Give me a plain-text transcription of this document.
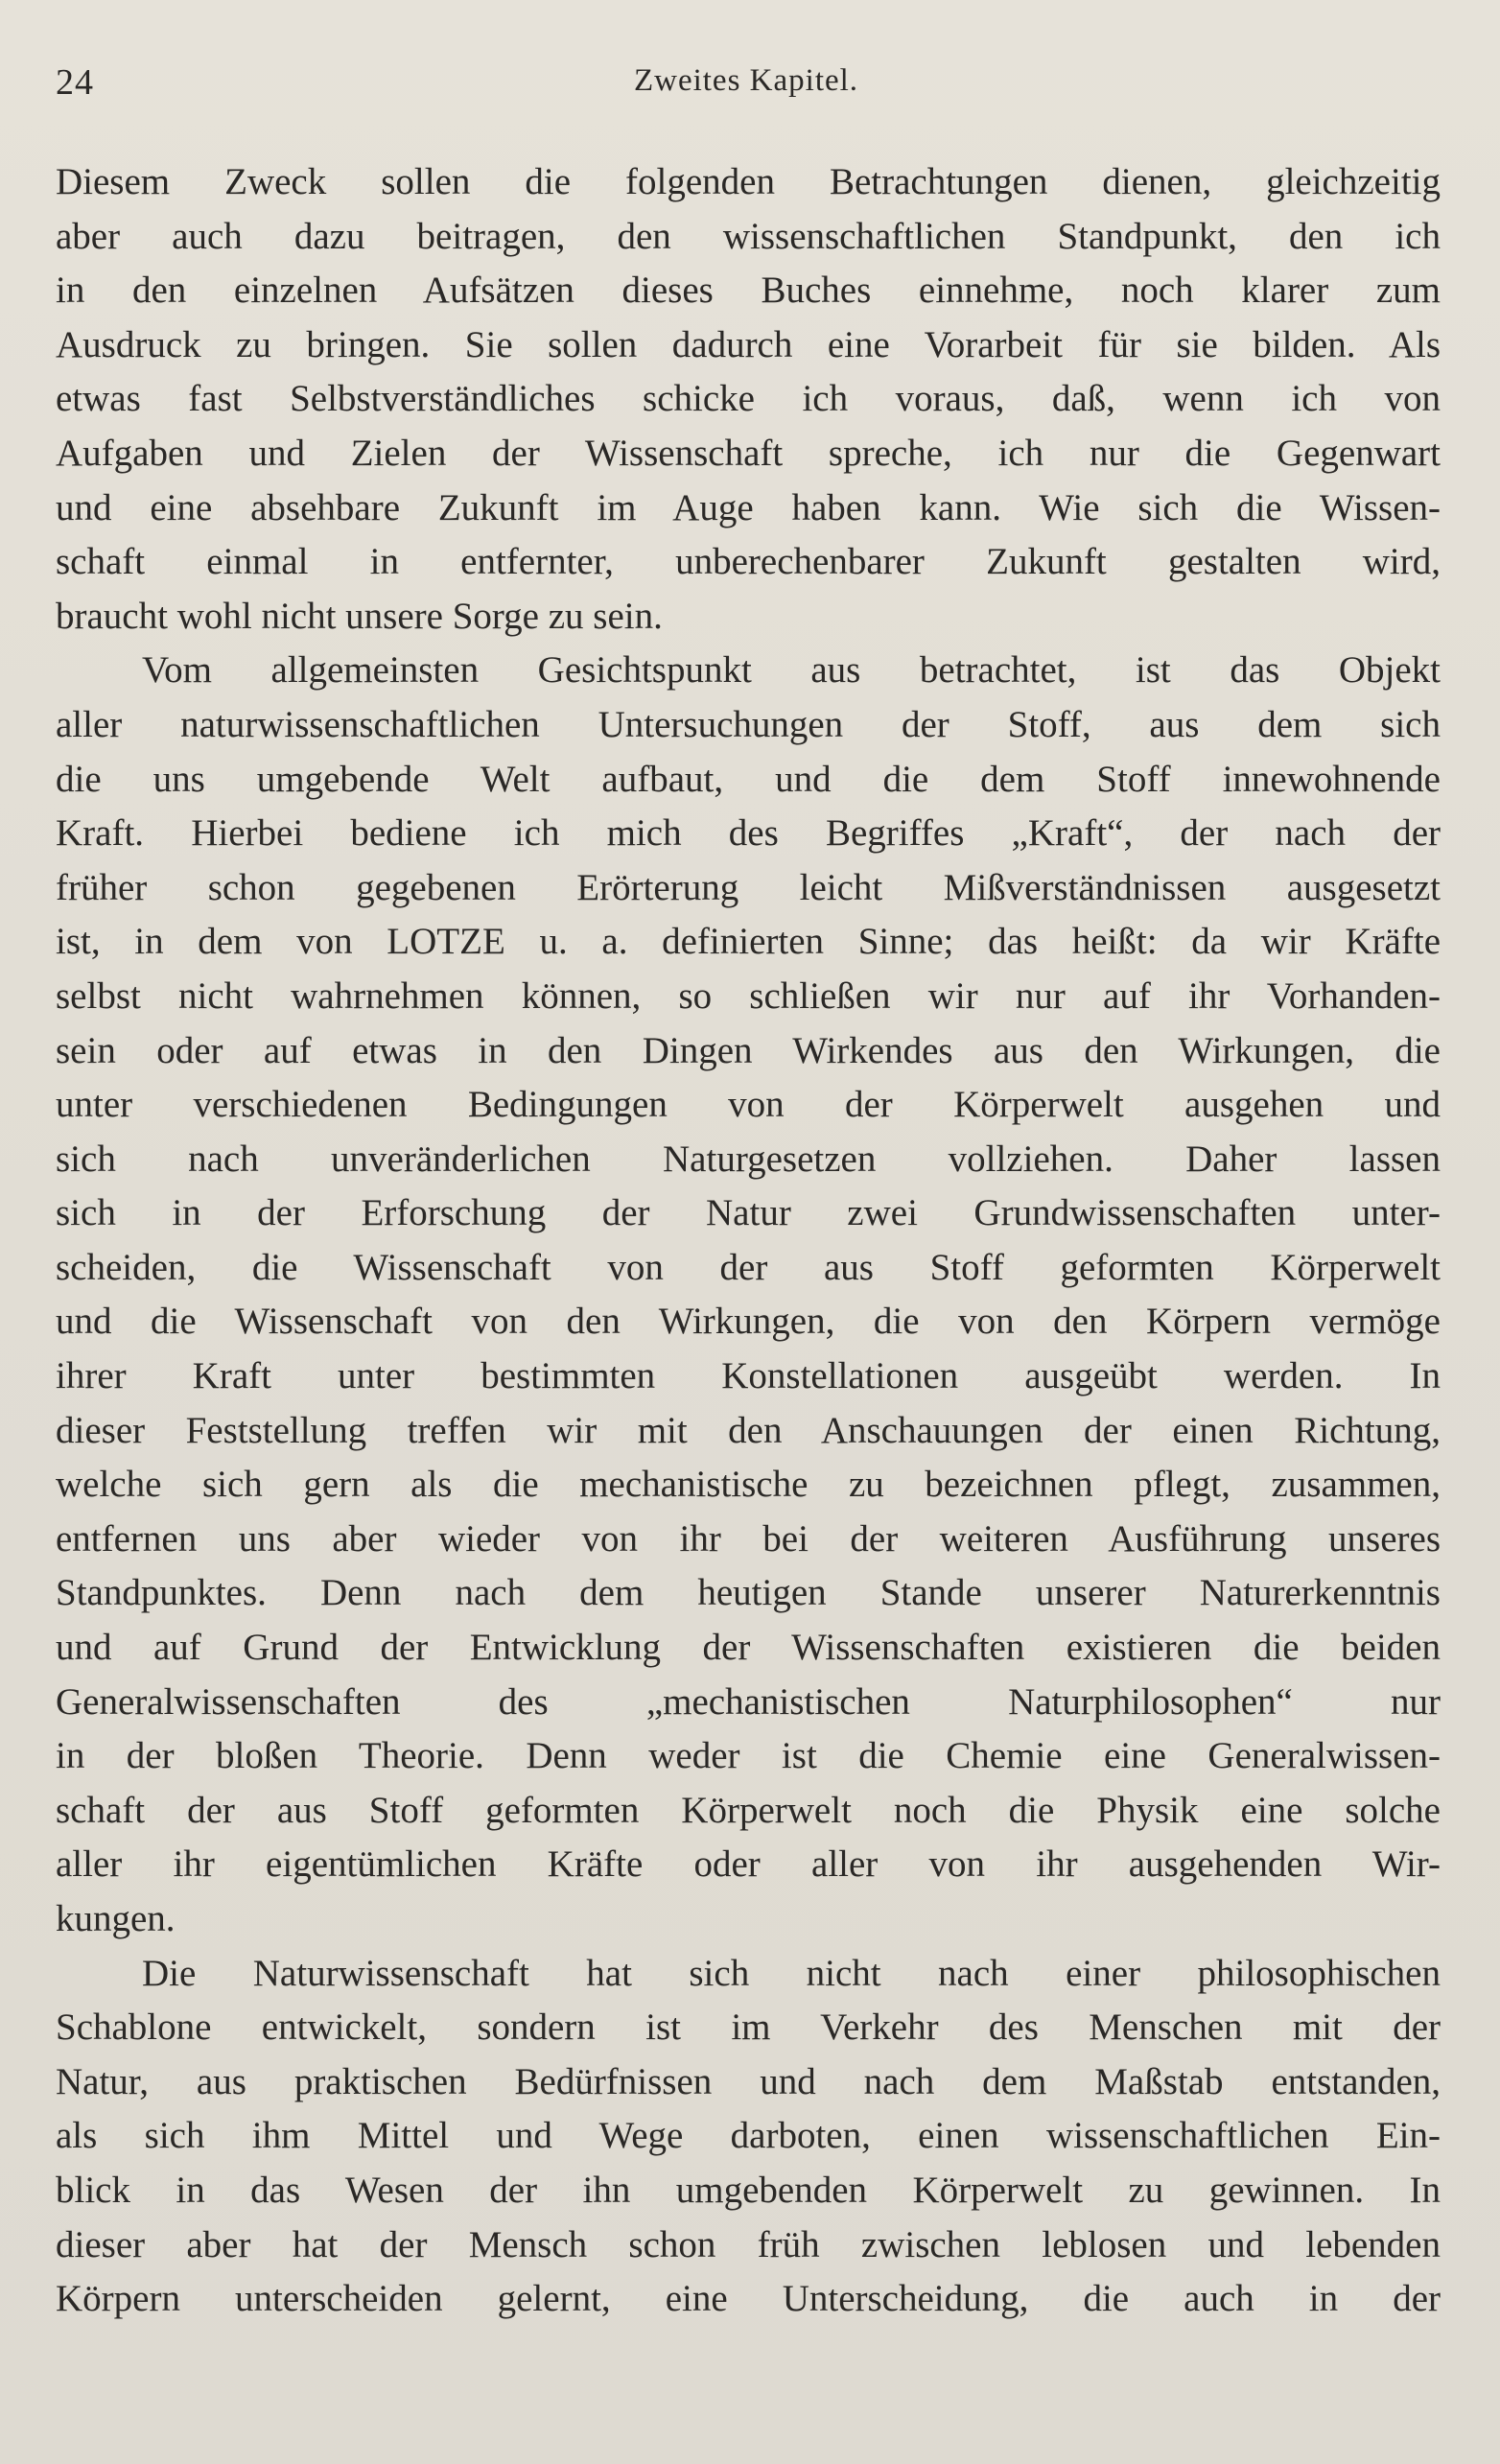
24	Zweites Kapitel.
Diesem Zweck sollen die folgenden Betrachtungen dienen, gleichzeitig
aber auch dazu beitragen, den wissenschaftlichen Standpunkt, den ich
in den einzelnen Aufsätzen dieses Buches einnehme, noch klarer zum
Ausdruck zu bringen. Sie sollen dadurch eine Vorarbeit für sie bilden. Als
etwas fast Selbstverständliches schicke ich voraus, daß, wenn ich von
Aufgaben und Zielen der Wissenschaft spreche, ich nur die Gegenwart
und eine absehbare Zukunft im Auge haben kann. Wie sich die Wissen-
schaft einmal in entfernter, unberechenbarer Zukunft gestalten wird,
braucht wohl nicht unsere Sorge zu sein.
Vom allgemeinsten Gesichtspunkt aus betrachtet, ist das Objekt
aller naturwissenschaftlichen Untersuchungen der Stoff, aus dem sich
die uns umgebende Welt aufbaut, und die dem Stoff innewohnende
Kraft. Hierbei bediene ich mich des Begriffes „Kraft“, der nach der
früher schon gegebenen Erörterung leicht Mißverständnissen ausgesetzt
ist, in dem von LOTZE u. a. definierten Sinne; das heißt: da wir Kräfte
selbst nicht wahrnehmen können, so schließen wir nur auf ihr Vorhanden-
sein oder auf etwas in den Dingen Wirkendes aus den Wirkungen, die
unter verschiedenen Bedingungen von der Körperwelt ausgehen und
sich nach unveränderlichen Naturgesetzen vollziehen. Daher lassen
sich in der Erforschung der Natur zwei Grundwissenschaften unter-
scheiden, die Wissenschaft von der aus Stoff geformten Körperwelt
und die Wissenschaft von den Wirkungen, die von den Körpern vermöge
ihrer Kraft unter bestimmten Konstellationen ausgeübt werden. In
dieser Feststellung treffen wir mit den Anschauungen der einen Richtung,
welche sich gern als die mechanistische zu bezeichnen pflegt, zusammen,
entfernen uns aber wieder von ihr bei der weiteren Ausführung unseres
Standpunktes. Denn nach dem heutigen Stande unserer Naturerkenntnis
und auf Grund der Entwicklung der Wissenschaften existieren die beiden
Generalwissenschaften des „mechanistischen Naturphilosophen“ nur
in der bloßen Theorie. Denn weder ist die Chemie eine Generalwissen-
schaft der aus Stoff geformten Körperwelt noch die Physik eine solche
aller ihr eigentümlichen Kräfte oder aller von ihr ausgehenden Wir-
kungen.
Die Naturwissenschaft hat sich nicht nach einer philosophischen
Schablone entwickelt, sondern ist im Verkehr des Menschen mit der
Natur, aus praktischen Bedürfnissen und nach dem Maßstab entstanden,
als sich ihm Mittel und Wege darboten, einen wissenschaftlichen Ein-
blick in das Wesen der ihn umgebenden Körperwelt zu gewinnen. In
dieser aber hat der Mensch schon früh zwischen leblosen und lebenden
Körpern unterscheiden gelernt, eine Unterscheidung, die auch in der
